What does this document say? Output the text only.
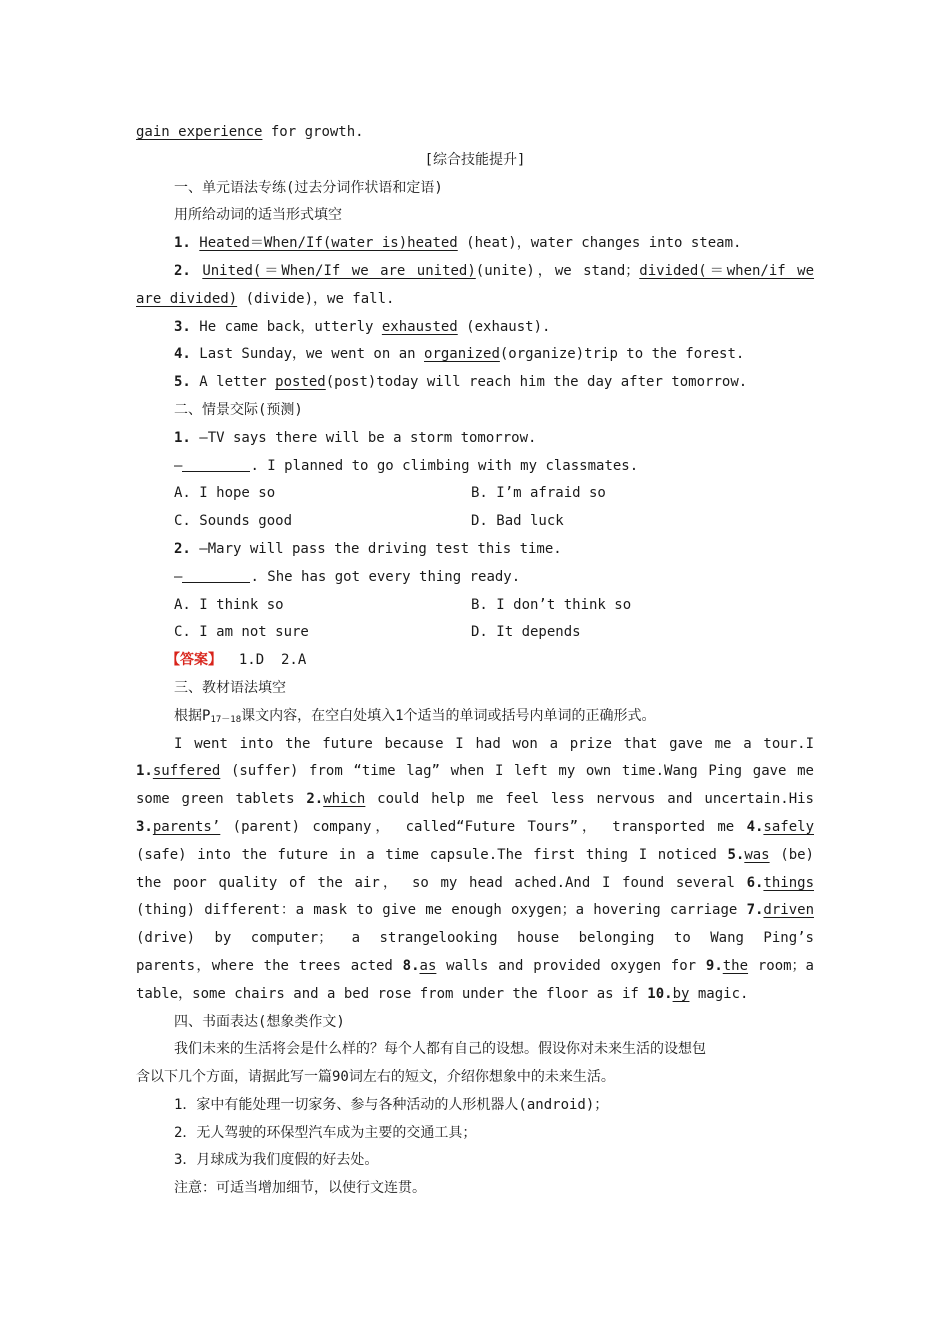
gain experience for growth.
[综合技能提升]
一、单元语法专练(过去分词作状语和定语)
用所给动词的适当形式填空
1. Heated＝When/If(water is)heated (heat)，water changes into steam.
2. United(＝When/If we are united)(unite)，we stand；divided(＝when/if we
are divided) (divide)，we fall.
3. He came back，utterly exhausted (exhaust).
4. Last Sunday，we went on an organized(organize)trip to the forest.
5. A letter posted(post)today will reach him the day after tomorrow.
二、情景交际(预测)
1. —TV says there will be a storm tomorrow.
—	. I planned to go climbing with my classmates.
A. I hope so	B. I’m afraid so
C. Sounds good	D. Bad luck
2. —Mary will pass the driving test this time.
—	. She has got every thing ready.
A. I think so	B. I don’t think so
C. I am not sure	D. It depends
【答案】  1.D  2.A
三、教材语法填空
根据$P_{17-18}$课文内容，在空白处填入1个适当的单词或括号内单词的正确形式。
I went into the future because I had won a prize that gave me a tour.I
1.suffered (suffer) from “time lag” when I left my own time.Wang Ping gave me
some green tablets 2.which could help me feel less nervous and uncertain.His
3.parents’ (parent) company， called“Future Tours”， transported me 4.safely
(safe) into the future in a time capsule.The first thing I noticed 5.was (be)
the poor quality of the air， so my head ached.And I found several 6.things
(thing) different：a mask to give me enough oxygen；a hovering carriage 7.driven
(drive) by computer； a strangelooking house belonging to Wang Ping’s
parents，where the trees acted 8.as walls and provided oxygen for 9.the room；a
table，some chairs and a bed rose from under the floor as if 10.by magic.
四、书面表达(想象类作文)
我们未来的生活将会是什么样的？每个人都有自己的设想。假设你对未来生活的设想包
含以下几个方面，请据此写一篇90词左右的短文，介绍你想象中的未来生活。
1．家中有能处理一切家务、参与各种活动的人形机器人(android)；
2．无人驾驶的环保型汽车成为主要的交通工具；
3．月球成为我们度假的好去处。
注意：可适当增加细节，以使行文连贯。
